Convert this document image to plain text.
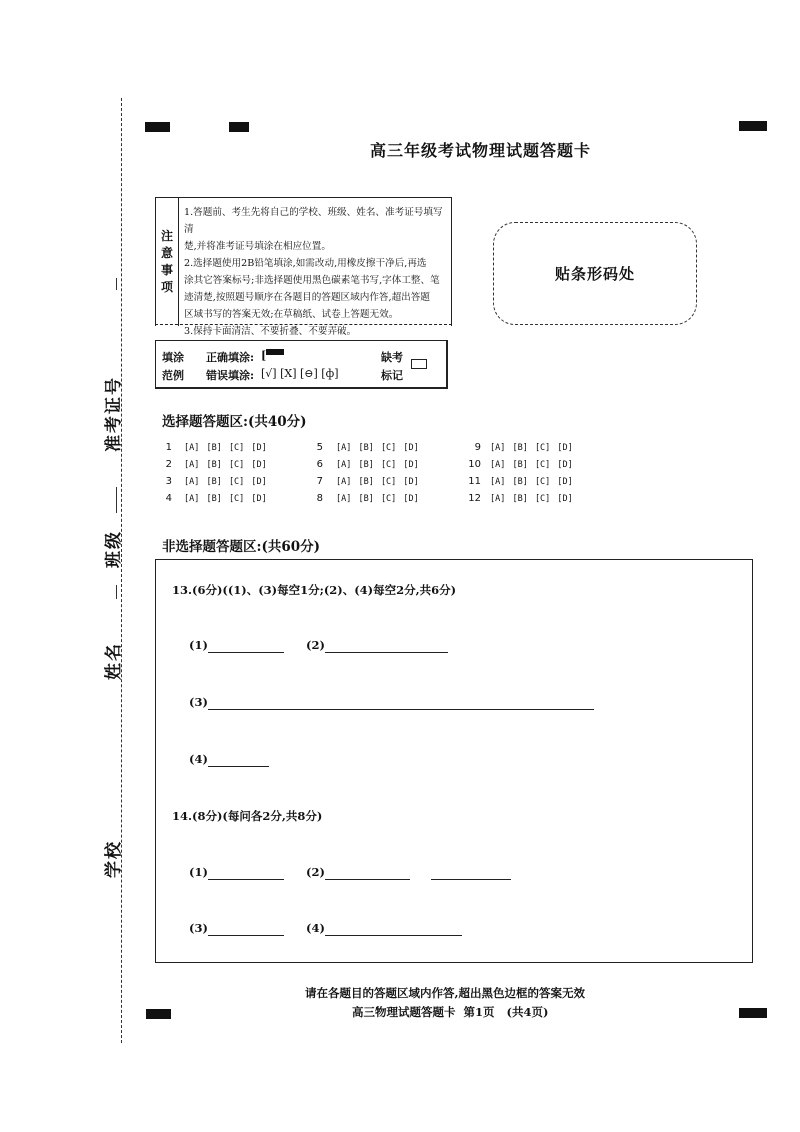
准考证号
班级
姓名
学校
高三年级考试物理试题答题卡
注
意
事
项
1.答题前、考生先将自己的学校、班级、姓名、准考证号填写清
楚,并将准考证号填涂在相应位置。
2.选择题使用2B铅笔填涂,如需改动,用橡皮擦干净后,再选
涂其它答案标号;非选择题使用黑色碳素笔书写,字体工整、笔
迹清楚,按照题号顺序在各题目的答题区域内作答,超出答题
区域书写的答案无效;在草稿纸、试卷上答题无效。
3.保持卡面清洁、不要折叠、不要弄破。
贴条形码处
填涂
范例
正确填涂: [
错误填涂: [√] [X] [⊖] [ф]
缺考
标记
选择题答题区:(共40分)
1 [A] [B] [C] [D]
2 [A] [B] [C] [D]
3 [A] [B] [C] [D]
4 [A] [B] [C] [D]
5 [A] [B] [C] [D]
6 [A] [B] [C] [D]
7 [A] [B] [C] [D]
8 [A] [B] [C] [D]
9 [A] [B] [C] [D]
10 [A] [B] [C] [D]
11 [A] [B] [C] [D]
12 [A] [B] [C] [D]
非选择题答题区:(共60分)
13.(6分)((1)、(3)每空1分;(2)、(4)每空2分,共6分)
(1)	(2)
(3)
(4)
14.(8分)(每问各2分,共8分)
(1)	(2)
(3)	(4)
请在各题目的答题区域内作答,超出黑色边框的答案无效
高三物理试题答题卡  第1页   (共4页)
